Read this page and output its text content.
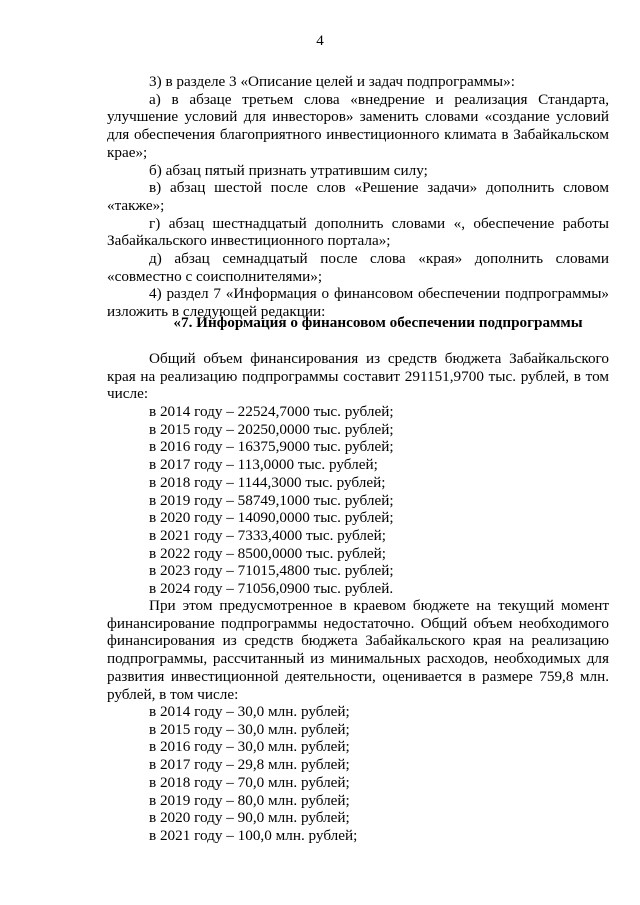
4

3) в разделе 3 «Описание целей и задач подпрограммы»:

а) в абзаце третьем слова «внедрение и реализация Стандарта, улучшение условий для инвесторов» заменить словами «создание условий для обеспечения благоприятного инвестиционного климата в Забайкальском крае»;

б) абзац пятый признать утратившим силу;

в) абзац шестой после слов «Решение задачи» дополнить словом «также»;

г) абзац шестнадцатый дополнить словами «, обеспечение работы Забайкальского инвестиционного портала»;

д) абзац семнадцатый после слова «края» дополнить словами «совместно с соисполнителями»;

4) раздел 7 «Информация о финансовом обеспечении подпрограммы» изложить в следующей редакции:

«7. Информация о финансовом обеспечении подпрограммы

Общий объем финансирования из средств бюджета Забайкальского края на реализацию подпрограммы составит 291151,9700 тыс. рублей, в том числе:

в 2014 году – 22524,7000 тыс. рублей;
в 2015 году – 20250,0000 тыс. рублей;
в 2016 году – 16375,9000 тыс. рублей;
в 2017 году – 113,0000 тыс. рублей;
в 2018 году – 1144,3000 тыс. рублей;
в 2019 году – 58749,1000 тыс. рублей;
в 2020 году – 14090,0000 тыс. рублей;
в 2021 году – 7333,4000 тыс. рублей;
в 2022 году – 8500,0000 тыс. рублей;
в 2023 году – 71015,4800 тыс. рублей;
в 2024 году – 71056,0900 тыс. рублей.

При этом предусмотренное в краевом бюджете на текущий момент финансирование подпрограммы недостаточно. Общий объем необходимого финансирования из средств бюджета Забайкальского края на реализацию подпрограммы, рассчитанный из минимальных расходов, необходимых для развития инвестиционной деятельности, оценивается в размере 759,8 млн. рублей, в том числе:

в 2014 году – 30,0 млн. рублей;
в 2015 году – 30,0 млн. рублей;
в 2016 году – 30,0 млн. рублей;
в 2017 году – 29,8 млн. рублей;
в 2018 году – 70,0 млн. рублей;
в 2019 году – 80,0 млн. рублей;
в 2020 году – 90,0 млн. рублей;
в 2021 году – 100,0 млн. рублей;
